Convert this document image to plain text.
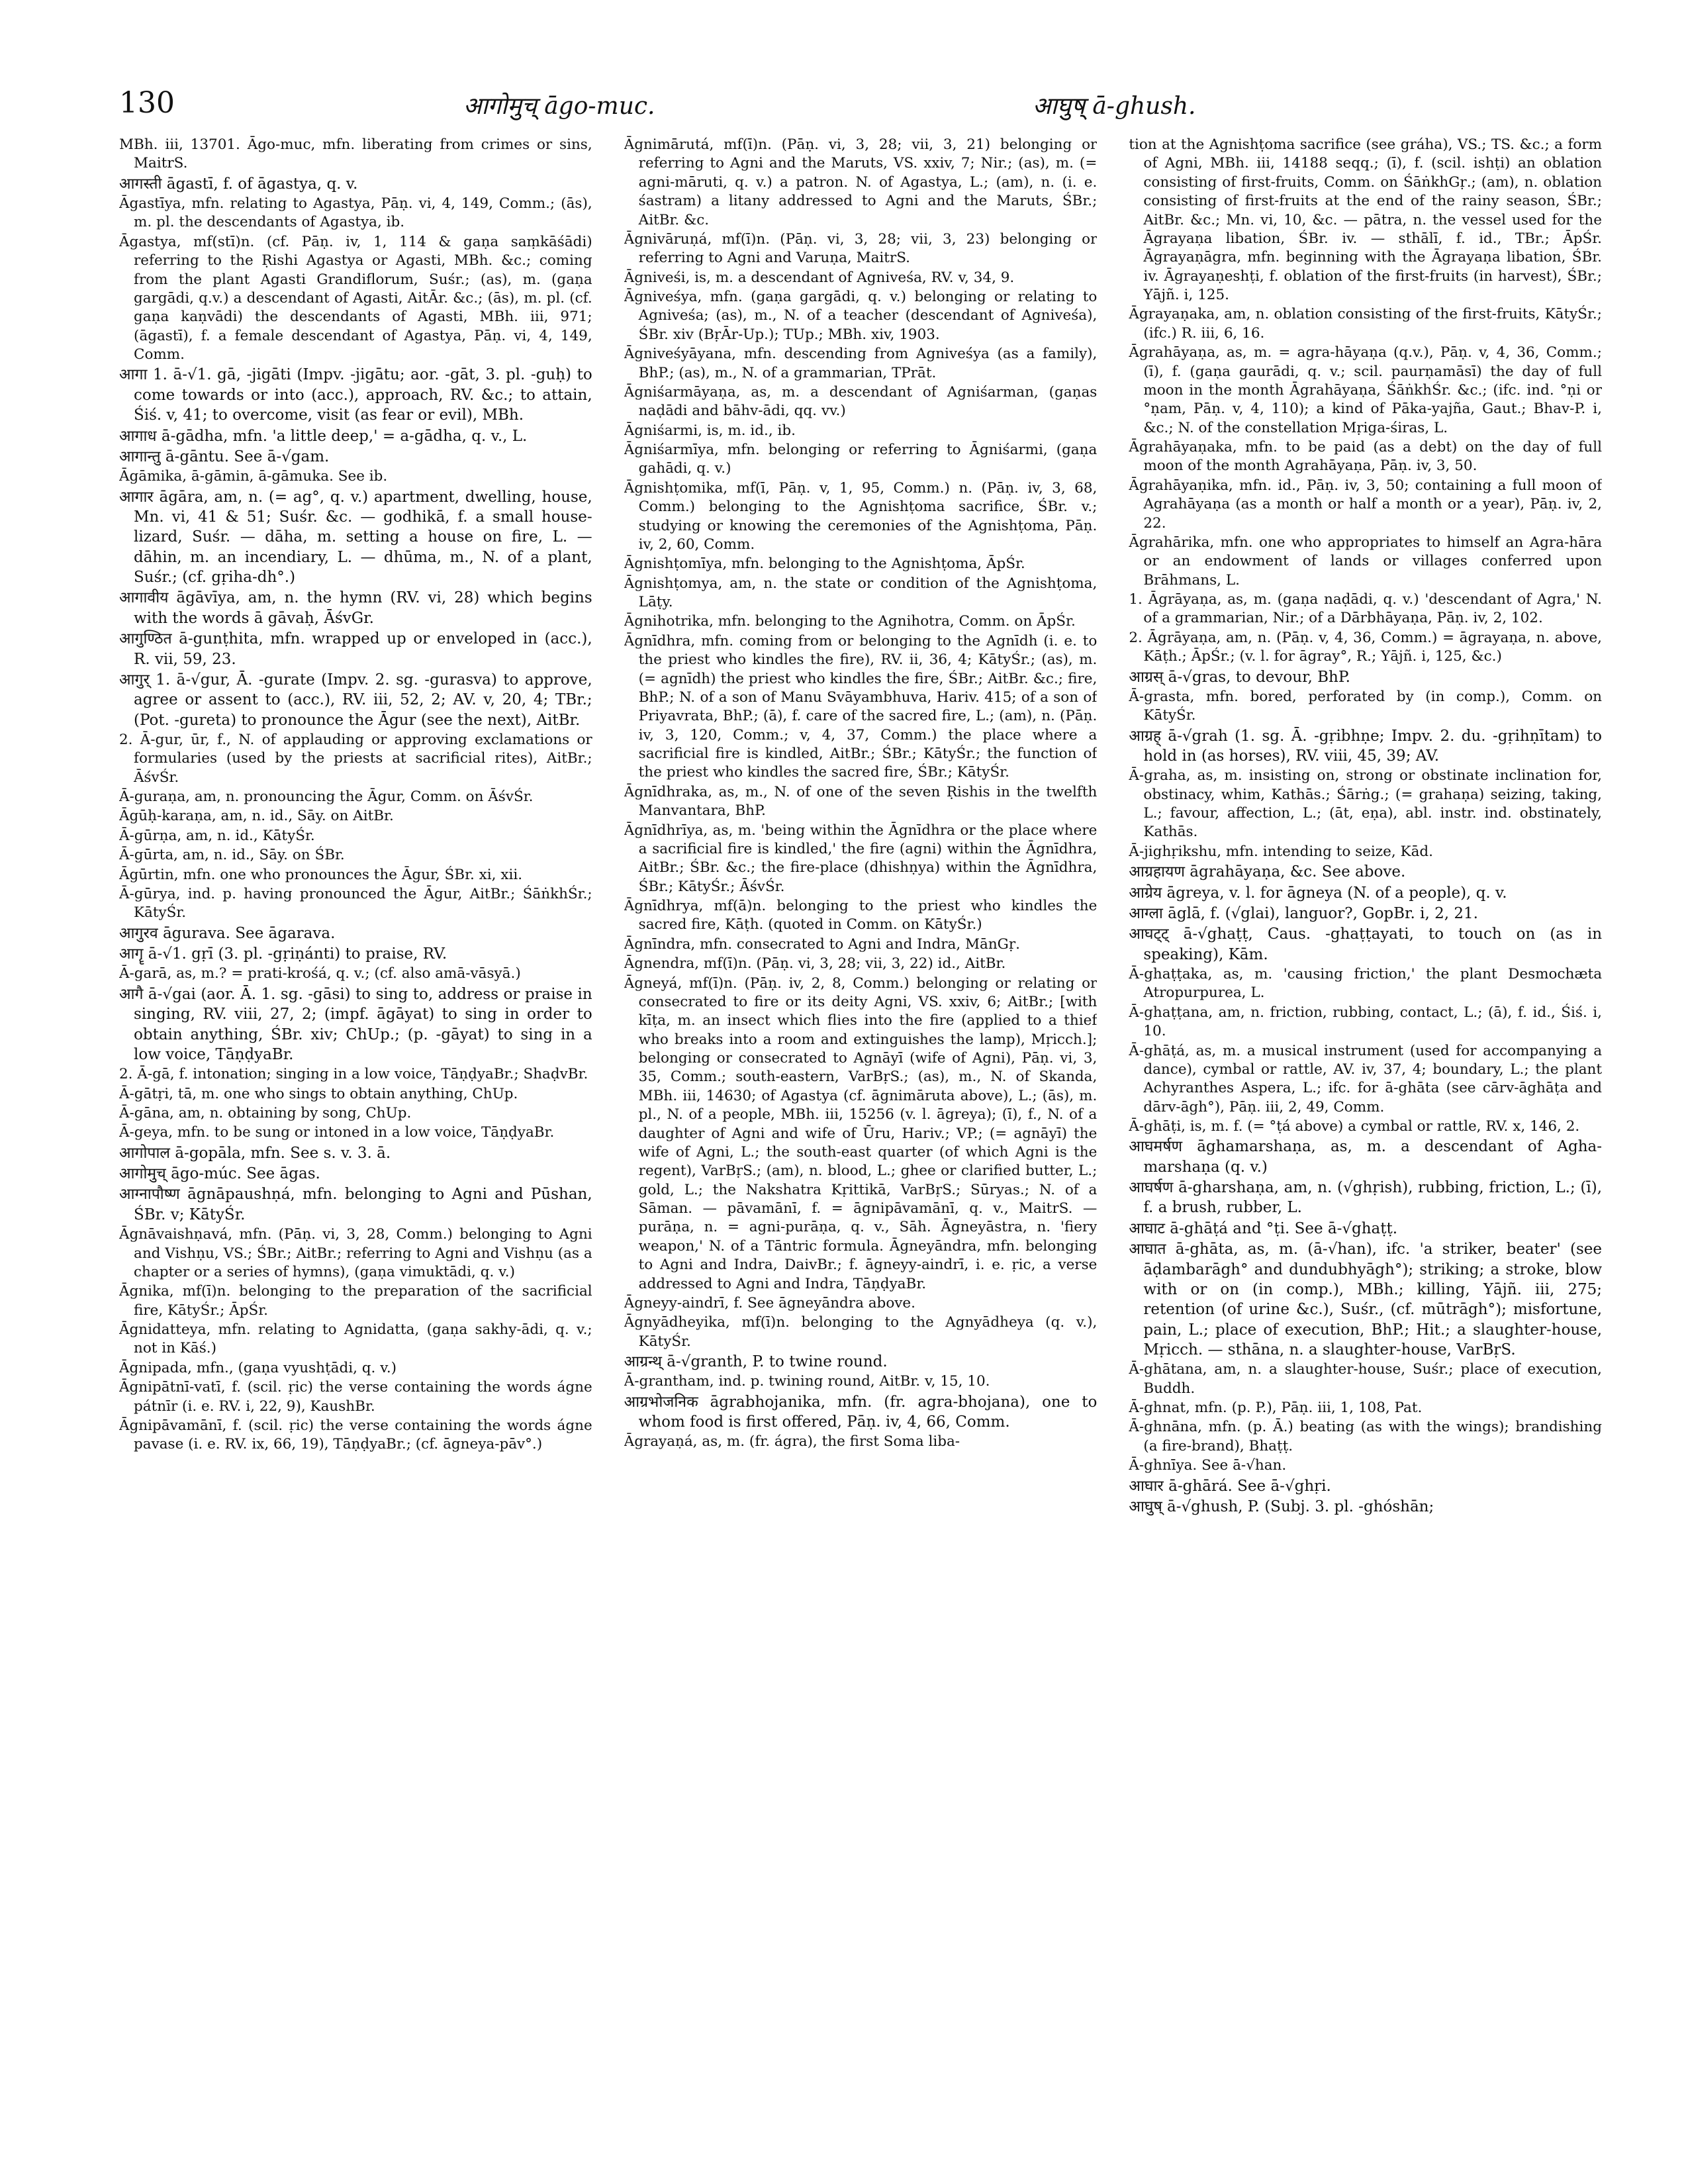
130	आगोमुच् āgo-muc.	आघुष् ā-ghush.

MBh. iii, 13701. Āgo-muc, mfn. liberating from crimes or sins, MaitrS.

आगस्ती āgastī, f. of āgastya, q. v.

Āgastīya, mfn. relating to Agastya, Pāṇ. vi, 4, 149, Comm.; (ās), m. pl. the descendants of Agastya, ib.

Āgastya, mf(stī)n. (cf. Pāṇ. iv, 1, 114 & gaṇa saṃkāśādi) referring to the Ṛishi Agastya or Agasti, MBh. &c.; coming from the plant Agasti Grandiflorum, Suśr.; (as), m. (gaṇa gargādi, q.v.) a descendant of Agasti, AitĀr. &c.; (ās), m. pl. (cf. gaṇa kaṇvādi) the descendants of Agasti, MBh. iii, 971; (āgastī), f. a female descendant of Agastya, Pāṇ. vi, 4, 149, Comm.

आगा 1. ā-√1. gā, -jigāti (Impv. -jigātu; aor. -gāt, 3. pl. -guḥ) to come towards or into (acc.), approach, RV. &c.; to attain, Śiś. v, 41; to overcome, visit (as fear or evil), MBh.

आगाध ā-gādha, mfn. 'a little deep,' = a-gādha, q. v., L.

आगान्तु ā-gāntu. See ā-√gam.

Āgāmika, ā-gāmin, ā-gāmuka. See ib.

आगार āgāra, am, n. (= ag°, q. v.) apartment, dwelling, house, Mn. vi, 41 & 51; Suśr. &c. — godhikā, f. a small house-lizard, Suśr. — dāha, m. setting a house on fire, L. — dāhin, m. an incendiary, L. — dhūma, m., N. of a plant, Suśr.; (cf. gṛiha-dh°.)

आगावीय āgāvīya, am, n. the hymn (RV. vi, 28) which begins with the words ā gāvaḥ, ĀśvGr.

आगुण्ठित ā-gunṭhita, mfn. wrapped up or enveloped in (acc.), R. vii, 59, 23.

आगुर् 1. ā-√gur, Ā. -gurate (Impv. 2. sg. -gurasva) to approve, agree or assent to (acc.), RV. iii, 52, 2; AV. v, 20, 4; TBr.; (Pot. -gureta) to pronounce the Āgur (see the next), AitBr.

2. Ā-gur, ūr, f., N. of applauding or approving exclamations or formularies (used by the priests at sacrificial rites), AitBr.; ĀśvŚr.

Ā-guraṇa, am, n. pronouncing the Āgur, Comm. on ĀśvŚr.

Āgūḥ-karaṇa, am, n. id., Sāy. on AitBr.

Ā-gūrṇa, am, n. id., KātyŚr.

Ā-gūrta, am, n. id., Sāy. on ŚBr.

Āgūrtin, mfn. one who pronounces the Āgur, ŚBr. xi, xii.

Ā-gūrya, ind. p. having pronounced the Āgur, AitBr.; ŚāṅkhŚr.; KātyŚr.

आगुरव āgurava. See āgarava.

आगॄ ā-√1. gṛī (3. pl. -gṛiṇánti) to praise, RV.

Ā-garā, as, m.? = prati-krośá, q. v.; (cf. also amā-vāsyā.)

आगै ā-√gai (aor. Ā. 1. sg. -gāsi) to sing to, address or praise in singing, RV. viii, 27, 2; (impf. āgāyat) to sing in order to obtain anything, ŚBr. xiv; ChUp.; (p. -gāyat) to sing in a low voice, TāṇḍyaBr.

2. Ā-gā, f. intonation; singing in a low voice, TāṇḍyaBr.; ShaḍvBr.

Ā-gātṛi, tā, m. one who sings to obtain anything, ChUp.

Ā-gāna, am, n. obtaining by song, ChUp.

Ā-geya, mfn. to be sung or intoned in a low voice, TāṇḍyaBr.

आगोपाल ā-gopāla, mfn. See s. v. 3. ā.

आगोमुच् āgo-múc. See āgas.

आग्नापौष्ण āgnāpaushṇá, mfn. belonging to Agni and Pūshan, ŚBr. v; KātyŚr.

Āgnāvaishṇavá, mfn. (Pāṇ. vi, 3, 28, Comm.) belonging to Agni and Vishṇu, VS.; ŚBr.; AitBr.; referring to Agni and Vishṇu (as a chapter or a series of hymns), (gaṇa vimuktādi, q. v.)

Āgnika, mf(ī)n. belonging to the preparation of the sacrificial fire, KātyŚr.; ĀpŚr.

Āgnidatteya, mfn. relating to Agnidatta, (gaṇa sakhy-ādi, q. v.; not in Kāś.)

Āgnipada, mfn., (gaṇa vyushṭādi, q. v.)

Āgnipātnī-vatī, f. (scil. ṛic) the verse containing the words ágne pátnīr (i. e. RV. i, 22, 9), KaushBr.

Āgnipāvamānī, f. (scil. ṛic) the verse containing the words ágne pavase (i. e. RV. ix, 66, 19), TāṇḍyaBr.; (cf. āgneya-pāv°.)

Āgnimārutá, mf(ī)n. (Pāṇ. vi, 3, 28; vii, 3, 21) belonging or referring to Agni and the Maruts, VS. xxiv, 7; Nir.; (as), m. (= agni-māruti, q. v.) a patron. N. of Agastya, L.; (am), n. (i. e. śastram) a litany addressed to Agni and the Maruts, ŚBr.; AitBr. &c.

Āgnivāruṇá, mf(ī)n. (Pāṇ. vi, 3, 28; vii, 3, 23) belonging or referring to Agni and Varuṇa, MaitrS.

Āgniveśi, is, m. a descendant of Agniveśa, RV. v, 34, 9.

Āgniveśya, mfn. (gaṇa gargādi, q. v.) belonging or relating to Agniveśa; (as), m., N. of a teacher (descendant of Agniveśa), ŚBr. xiv (BṛĀr-Up.); TUp.; MBh. xiv, 1903.

Āgniveśyāyana, mfn. descending from Agniveśya (as a family), BhP.; (as), m., N. of a grammarian, TPrāt.

Āgniśarmāyaṇa, as, m. a descendant of Agniśarman, (gaṇas naḍādi and bāhv-ādi, qq. vv.)

Āgniśarmi, is, m. id., ib.

Āgniśarmīya, mfn. belonging or referring to Āgniśarmi, (gaṇa gahādi, q. v.)

Āgnishṭomika, mf(ī, Pāṇ. v, 1, 95, Comm.) n. (Pāṇ. iv, 3, 68, Comm.) belonging to the Agnishṭoma sacrifice, ŚBr. v.; studying or knowing the ceremonies of the Agnishṭoma, Pāṇ. iv, 2, 60, Comm.

Āgnishṭomīya, mfn. belonging to the Agnishṭoma, ĀpŚr.

Āgnishṭomya, am, n. the state or condition of the Agnishṭoma, Lāṭy.

Āgnihotrika, mfn. belonging to the Agnihotra, Comm. on ĀpŚr.

Āgnīdhra, mfn. coming from or belonging to the Agnīdh (i. e. to the priest who kindles the fire), RV. ii, 36, 4; KātyŚr.; (as), m. (= agnīdh) the priest who kindles the fire, ŚBr.; AitBr. &c.; fire, BhP.; N. of a son of Manu Svāyambhuva, Hariv. 415; of a son of Priyavrata, BhP.; (ā), f. care of the sacred fire, L.; (am), n. (Pāṇ. iv, 3, 120, Comm.; v, 4, 37, Comm.) the place where a sacrificial fire is kindled, AitBr.; ŚBr.; KātyŚr.; the function of the priest who kindles the sacred fire, ŚBr.; KātyŚr.

Āgnīdhraka, as, m., N. of one of the seven Ṛishis in the twelfth Manvantara, BhP.

Āgnīdhrīya, as, m. 'being within the Āgnīdhra or the place where a sacrificial fire is kindled,' the fire (agni) within the Āgnīdhra, AitBr.; ŚBr. &c.; the fire-place (dhishṇya) within the Āgnīdhra, ŚBr.; KātyŚr.; ĀśvŚr.

Āgnīdhrya, mf(ā)n. belonging to the priest who kindles the sacred fire, Kāṭh. (quoted in Comm. on KātyŚr.)

Āgnīndra, mfn. consecrated to Agni and Indra, MānGṛ.

Āgnendra, mf(ī)n. (Pāṇ. vi, 3, 28; vii, 3, 22) id., AitBr.

Āgneyá, mf(ī)n. (Pāṇ. iv, 2, 8, Comm.) belonging or relating or consecrated to fire or its deity Agni, VS. xxiv, 6; AitBr.; [with kīṭa, m. an insect which flies into the fire (applied to a thief who breaks into a room and extinguishes the lamp), Mṛicch.]; belonging or consecrated to Agnāyī (wife of Agni), Pāṇ. vi, 3, 35, Comm.; south-eastern, VarBṛS.; (as), m., N. of Skanda, MBh. iii, 14630; of Agastya (cf. āgnimāruta above), L.; (ās), m. pl., N. of a people, MBh. iii, 15256 (v. l. āgreya); (ī), f., N. of a daughter of Agni and wife of Ūru, Hariv.; VP.; (= agnāyī) the wife of Agni, L.; the south-east quarter (of which Agni is the regent), VarBṛS.; (am), n. blood, L.; ghee or clarified butter, L.; gold, L.; the Nakshatra Kṛittikā, VarBṛS.; Sūryas.; N. of a Sāman. — pāvamānī, f. = āgnipāvamānī, q. v., MaitrS. — purāṇa, n. = agni-purāṇa, q. v., Sāh. Āgneyāstra, n. 'fiery weapon,' N. of a Tāntric formula. Āgneyāndra, mfn. belonging to Agni and Indra, DaivBr.; f. āgneyy-aindrī, i. e. ṛic, a verse addressed to Agni and Indra, TāṇḍyaBr.

Āgneyy-aindrī, f. See āgneyāndra above.

Āgnyādheyika, mf(ī)n. belonging to the Agnyādheya (q. v.), KātyŚr.

आग्रन्थ् ā-√granth, P. to twine round.

Ā-grantham, ind. p. twining round, AitBr. v, 15, 10.

आग्रभोजनिक āgrabhojanika, mfn. (fr. agra-bhojana), one to whom food is first offered, Pāṇ. iv, 4, 66, Comm.

Āgrayaṇá, as, m. (fr. ágra), the first Soma liba-

tion at the Agnishṭoma sacrifice (see gráha), VS.; TS. &c.; a form of Agni, MBh. iii, 14188 seqq.; (ī), f. (scil. ishṭi) an oblation consisting of first-fruits, Comm. on ŚāṅkhGṛ.; (am), n. oblation consisting of first-fruits at the end of the rainy season, ŚBr.; AitBr. &c.; Mn. vi, 10, &c. — pātra, n. the vessel used for the Āgrayaṇa libation, ŚBr. iv. — sthālī, f. id., TBr.; ĀpŚr. Āgrayaṇāgra, mfn. beginning with the Āgrayaṇa libation, ŚBr. iv. Āgrayaṇeshṭi, f. oblation of the first-fruits (in harvest), ŚBr.; Yājñ. i, 125.

Āgrayaṇaka, am, n. oblation consisting of the first-fruits, KātyŚr.; (ifc.) R. iii, 6, 16.

Āgrahāyaṇa, as, m. = agra-hāyaṇa (q.v.), Pāṇ. v, 4, 36, Comm.; (ī), f. (gaṇa gaurādi, q. v.; scil. paurṇamāsī) the day of full moon in the month Āgrahāyaṇa, ŚāṅkhŚr. &c.; (ifc. ind. °ṇi or °ṇam, Pāṇ. v, 4, 110); a kind of Pāka-yajña, Gaut.; Bhav-P. i, &c.; N. of the constellation Mṛiga-śiras, L.

Āgrahāyaṇaka, mfn. to be paid (as a debt) on the day of full moon of the month Agrahāyaṇa, Pāṇ. iv, 3, 50.

Āgrahāyaṇika, mfn. id., Pāṇ. iv, 3, 50; containing a full moon of Agrahāyaṇa (as a month or half a month or a year), Pāṇ. iv, 2, 22.

Āgrahārika, mfn. one who appropriates to himself an Agra-hāra or an endowment of lands or villages conferred upon Brāhmans, L.

1. Āgrāyaṇa, as, m. (gaṇa naḍādi, q. v.) 'descendant of Agra,' N. of a grammarian, Nir.; of a Dārbhāyaṇa, Pāṇ. iv, 2, 102.

2. Āgrāyaṇa, am, n. (Pāṇ. v, 4, 36, Comm.) = āgrayaṇa, n. above, Kāṭh.; ĀpŚr.; (v. l. for āgray°, R.; Yājñ. i, 125, &c.)

आग्रस् ā-√gras, to devour, BhP.

Ā-grasta, mfn. bored, perforated by (in comp.), Comm. on KātyŚr.

आग्रह् ā-√grah (1. sg. Ā. -gṛibhṇe; Impv. 2. du. -gṛihṇītam) to hold in (as horses), RV. viii, 45, 39; AV.

Ā-graha, as, m. insisting on, strong or obstinate inclination for, obstinacy, whim, Kathās.; Śārṅg.; (= grahaṇa) seizing, taking, L.; favour, affection, L.; (āt, eṇa), abl. instr. ind. obstinately, Kathās.

Ā-jighṛikshu, mfn. intending to seize, Kād.

आग्रहायण āgrahāyaṇa, &c. See above.

आग्रेय āgreya, v. l. for āgneya (N. of a people), q. v.

आग्ला āglā, f. (√glai), languor?, GopBr. i, 2, 21.

आघट्ट् ā-√ghaṭṭ, Caus. -ghaṭṭayati, to touch on (as in speaking), Kām.

Ā-ghaṭṭaka, as, m. 'causing friction,' the plant Desmochæta Atropurpurea, L.

Ā-ghaṭṭana, am, n. friction, rubbing, contact, L.; (ā), f. id., Śiś. i, 10.

Ā-ghāṭá, as, m. a musical instrument (used for accompanying a dance), cymbal or rattle, AV. iv, 37, 4; boundary, L.; the plant Achyranthes Aspera, L.; ifc. for ā-ghāta (see cārv-āghāṭa and dārv-āgh°), Pāṇ. iii, 2, 49, Comm.

Ā-ghāṭi, is, m. f. (= °ṭá above) a cymbal or rattle, RV. x, 146, 2.

आघमर्षण āghamarshaṇa, as, m. a descendant of Agha-marshaṇa (q. v.)

आघर्षण ā-gharshaṇa, am, n. (√ghṛish), rubbing, friction, L.; (ī), f. a brush, rubber, L.

आघाट ā-ghāṭá and °ṭi. See ā-√ghaṭṭ.

आघात ā-ghāta, as, m. (ā-√han), ifc. 'a striker, beater' (see āḍambarāgh° and dundubhyāgh°); striking; a stroke, blow with or on (in comp.), MBh.; killing, Yājñ. iii, 275; retention (of urine &c.), Suśr., (cf. mūtrāgh°); misfortune, pain, L.; place of execution, BhP.; Hit.; a slaughter-house, Mṛicch. — sthāna, n. a slaughter-house, VarBṛS.

Ā-ghātana, am, n. a slaughter-house, Suśr.; place of execution, Buddh.

Ā-ghnat, mfn. (p. P.), Pāṇ. iii, 1, 108, Pat.

Ā-ghnāna, mfn. (p. Ā.) beating (as with the wings); brandishing (a fire-brand), Bhaṭṭ.

Ā-ghnīya. See ā-√han.

आघार ā-ghārá. See ā-√ghṛi.

आघुष् ā-√ghush, P. (Subj. 3. pl. -ghóshān;
